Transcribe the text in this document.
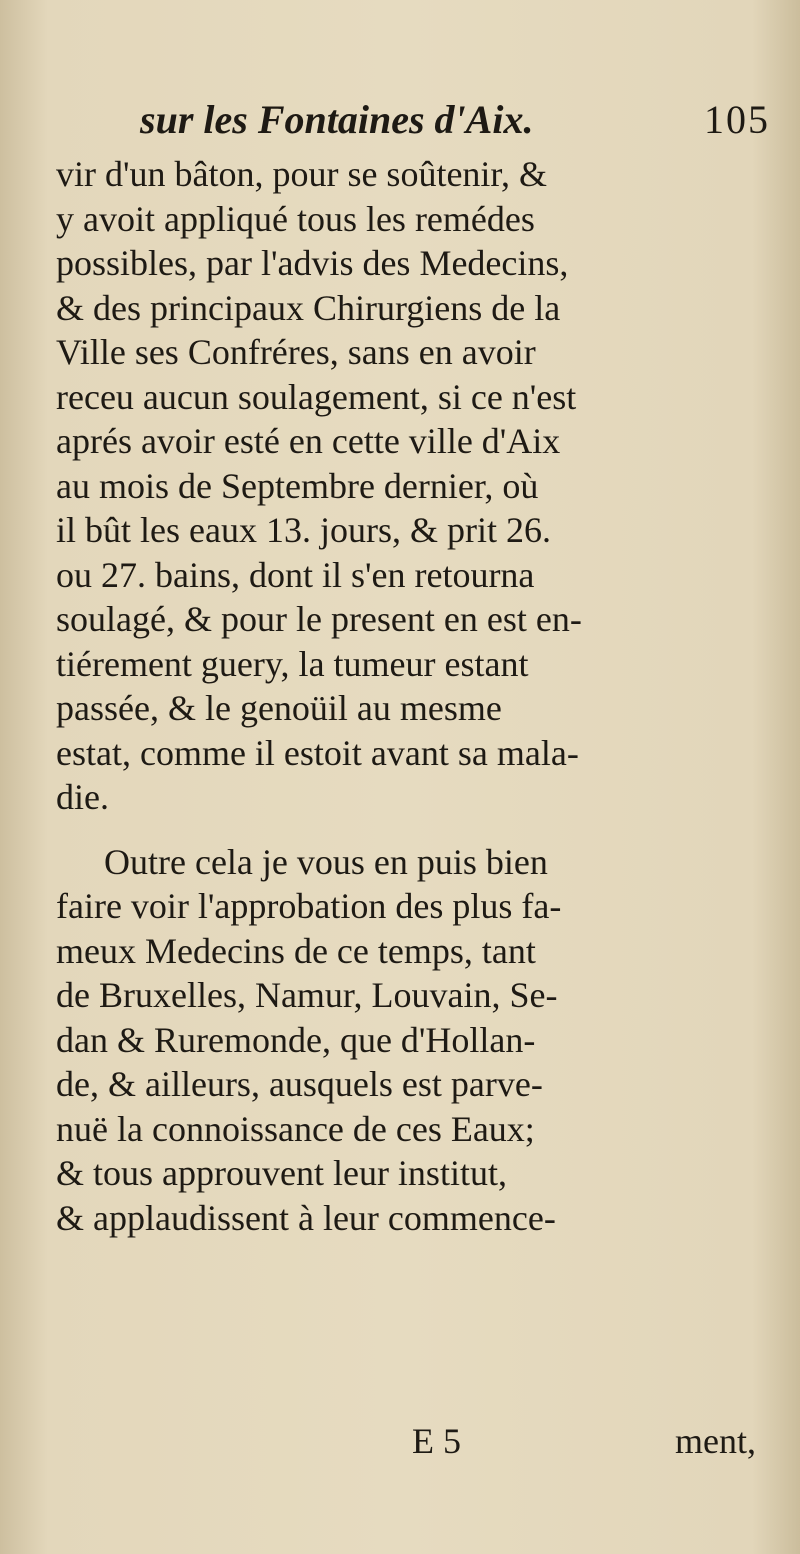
sur les Fontaines d'Aix.	105
vir d'un bâton, pour se soûtenir, &
y avoit appliqué tous les remédes
possibles, par l'advis des Medecins,
& des principaux Chirurgiens de la
Ville ses Confréres, sans en avoir
receu aucun soulagement, si ce n'est
aprés avoir esté en cette ville d'Aix
au mois de Septembre dernier, où
il bût les eaux 13. jours, & prit 26.
ou 27. bains, dont il s'en retourna
soulagé, & pour le present en est en-
tiérement guery, la tumeur estant
passée, & le genoüil au mesme
estat, comme il estoit avant sa mala-
die.
Outre cela je vous en puis bien
faire voir l'approbation des plus fa-
meux Medecins de ce temps, tant
de Bruxelles, Namur, Louvain, Se-
dan & Ruremonde, que d'Hollan-
de, & ailleurs, ausquels est parve-
nuë la connoissance de ces Eaux;
& tous approuvent leur institut,
& applaudissent à leur commence-
E 5	ment,
